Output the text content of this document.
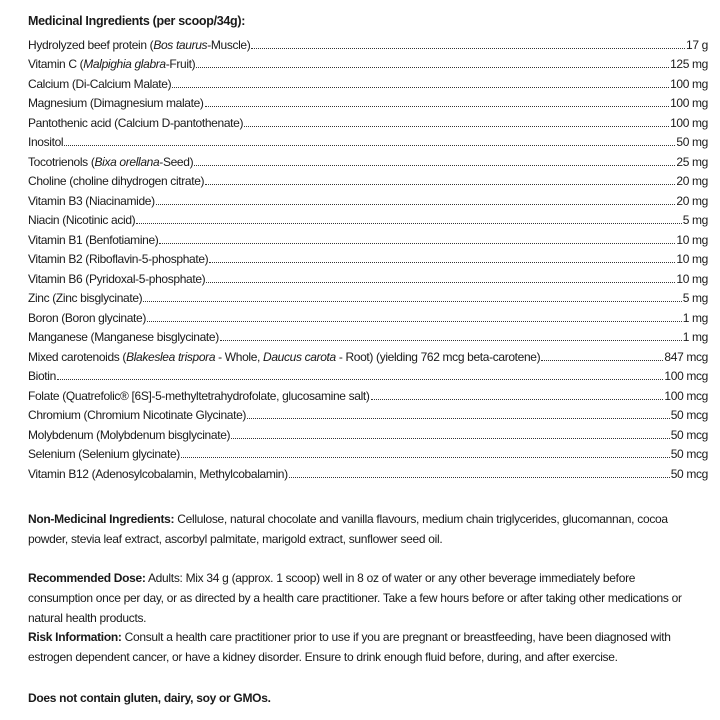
Medicinal Ingredients (per scoop/34g):
Hydrolyzed beef protein (Bos taurus-Muscle)	17 g
Vitamin C (Malpighia glabra-Fruit)	125 mg
Calcium (Di-Calcium Malate)	100 mg
Magnesium (Dimagnesium malate)	100 mg
Pantothenic acid (Calcium D-pantothenate)	100 mg
Inositol	50 mg
Tocotrienols (Bixa orellana-Seed)	25 mg
Choline (choline dihydrogen citrate)	20 mg
Vitamin B3 (Niacinamide)	20 mg
Niacin (Nicotinic acid)	5 mg
Vitamin B1 (Benfotiamine)	10 mg
Vitamin B2 (Riboflavin-5-phosphate)	10 mg
Vitamin B6 (Pyridoxal-5-phosphate)	10 mg
Zinc (Zinc bisglycinate)	5 mg
Boron (Boron glycinate)	1 mg
Manganese (Manganese bisglycinate)	1 mg
Mixed carotenoids (Blakeslea trispora - Whole, Daucus carota - Root) (yielding 762 mcg beta-carotene)	847 mcg
Biotin	100 mcg
Folate (Quatrefolic® [6S]-5-methyltetrahydrofolate, glucosamine salt)	100 mcg
Chromium (Chromium Nicotinate Glycinate)	50 mcg
Molybdenum (Molybdenum bisglycinate)	50 mcg
Selenium (Selenium glycinate)	50 mcg
Vitamin B12 (Adenosylcobalamin, Methylcobalamin)	50 mcg

Non-Medicinal Ingredients: Cellulose, natural chocolate and vanilla flavours, medium chain triglycerides, glucomannan, cocoa powder, stevia leaf extract, ascorbyl palmitate, marigold extract, sunflower seed oil.

Recommended Dose: Adults: Mix 34 g (approx. 1 scoop) well in 8 oz of water or any other beverage immediately before consumption once per day, or as directed by a health care practitioner. Take a few hours before or after taking other medications or natural health products.

Risk Information: Consult a health care practitioner prior to use if you are pregnant or breastfeeding, have been diagnosed with estrogen dependent cancer, or have a kidney disorder. Ensure to drink enough fluid before, during, and after exercise.

Does not contain gluten, dairy, soy or GMOs.
